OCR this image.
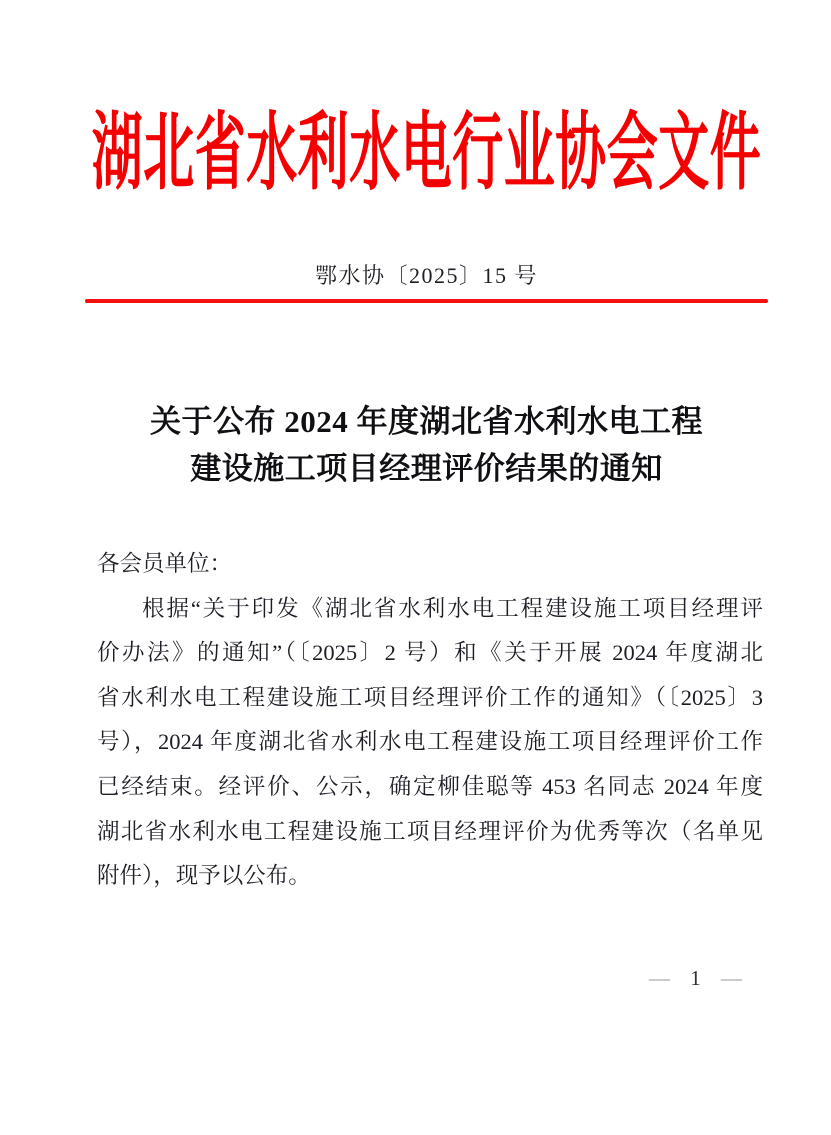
湖北省水利水电行业协会文件
鄂水协〔2025〕15 号
关于公布 2024 年度湖北省水利水电工程
建设施工项目经理评价结果的通知
各会员单位：
根据“关于印发《湖北省水利水电工程建设施工项目经理评
价办法》的通知”（〔2025〕2 号）和《关于开展 2024 年度湖北
省水利水电工程建设施工项目经理评价工作的通知》（〔2025〕3
号），2024 年度湖北省水利水电工程建设施工项目经理评价工作
已经结束。经评价、公示，确定柳佳聪等 453 名同志 2024 年度
湖北省水利水电工程建设施工项目经理评价为优秀等次（名单见
附件），现予以公布。
— 1 —
